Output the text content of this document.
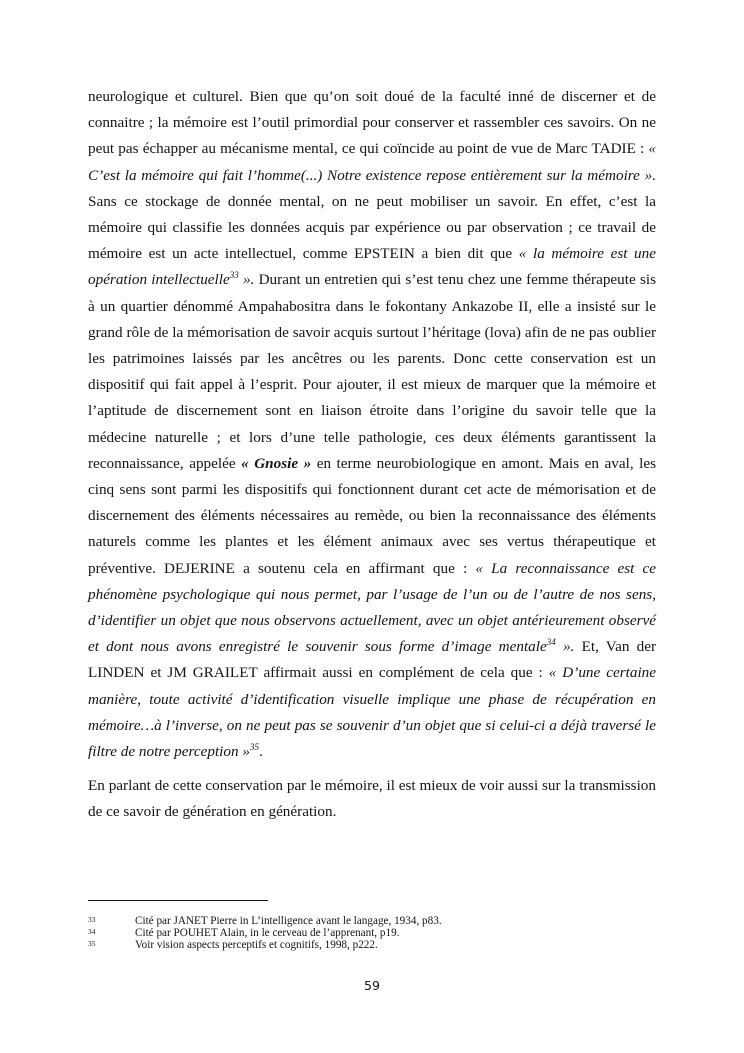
neurologique et culturel. Bien que qu’on soit doué de la faculté inné de discerner et de connaitre ; la mémoire est l’outil primordial pour conserver et rassembler ces savoirs. On ne peut pas échapper au mécanisme mental, ce qui coïncide au point de vue de Marc TADIE : « C’est la mémoire qui fait l’homme(...) Notre existence repose entièrement sur la mémoire ». Sans ce stockage de donnée mental, on ne peut mobiliser un savoir. En effet, c’est la mémoire qui classifie les données acquis par expérience ou par observation ; ce travail de mémoire est un acte intellectuel, comme EPSTEIN a bien dit que « la mémoire est une opération intellectuelle$^{33}$ ». Durant un entretien qui s’est tenu chez une femme thérapeute sis à un quartier dénommé Ampahabositra dans le fokontany Ankazobe II, elle a insisté sur le grand rôle de la mémorisation de savoir acquis surtout l’héritage (lova) afin de ne pas oublier les patrimoines laissés par les ancêtres ou les parents. Donc cette conservation est un dispositif qui fait appel à l’esprit. Pour ajouter, il est mieux de marquer que la mémoire et l’aptitude de discernement sont en liaison étroite dans l’origine du savoir telle que la médecine naturelle ; et lors d’une telle pathologie, ces deux éléments garantissent la reconnaissance, appelée « Gnosie » en terme neurobiologique en amont. Mais en aval, les cinq sens sont parmi les dispositifs qui fonctionnent durant cet acte de mémorisation et de discernement des éléments nécessaires au remède, ou bien la reconnaissance des éléments naturels comme les plantes et les élément animaux avec ses vertus thérapeutique et préventive. DEJERINE a soutenu cela en affirmant que : « La reconnaissance est ce phénomène psychologique qui nous permet, par l’usage de l’un ou de l’autre de nos sens, d’identifier un objet que nous observons actuellement, avec un objet antérieurement observé et dont nous avons enregistré le souvenir sous forme d’image mentale$^{34}$ ». Et, Van der LINDEN et JM GRAILET affirmait aussi en complément de cela que : « D’une certaine manière, toute activité d’identification visuelle implique une phase de récupération en mémoire…à l’inverse, on ne peut pas se souvenir d’un objet que si celui-ci a déjà traversé le filtre de notre perception »$^{35}$.

En parlant de cette conservation par le mémoire, il est mieux de voir aussi sur la transmission de ce savoir de génération en génération.

33	Cité par JANET Pierre in L’intelligence avant le langage, 1934, p83.
34	Cité par POUHET Alain, in le cerveau de l’apprenant, p19.
35	Voir vision aspects perceptifs et cognitifs, 1998, p222.
59
